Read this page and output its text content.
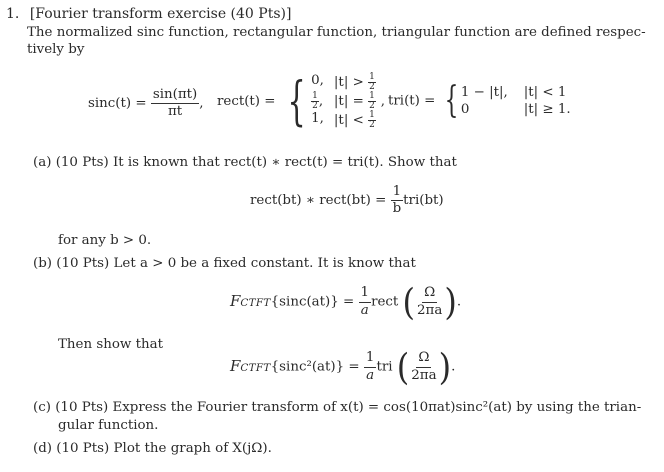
1. [Fourier transform exercise (40 Pts)]
The normalized sinc function, rectangular function, triangular function are defined respec-
tively by
$\sin c(t) = \frac{\sin(\pi t)}{\pi t}$ , rect(t) = { 0, $|t| > \frac{1}{2}$
$\frac{1}{2}$ , $|t| = \frac{1}{2}$ ,
1, $|t| < \frac{1}{2}$
tri(t) = { 1 − |t|, |t| < 1
0	|t| ≥ 1.
(a) (10 Pts) It is known that rect(t) ∗ rect(t) = tri(t). Show that
rect(bt) ∗ rect(bt) = $\frac{1}{b} tri(bt)$
for any b > 0.
(b) (10 Pts) Let a > 0 be a fixed constant. It is know that
FCTFT{sinc(at)} = $\frac{1}{a}$ rect ( $\frac{\Omega}{2\pi a}$ ).
Then show that
FCTFT{sinc²(at)} = $\frac{1}{a}$ tri ( $\frac{\Omega}{2\pi a}$ ).
(c) (10 Pts) Express the Fourier transform of x(t) = cos(10πat)sinc²(at) by using the trian-
gular function.
(d) (10 Pts) Plot the graph of X(jΩ).
